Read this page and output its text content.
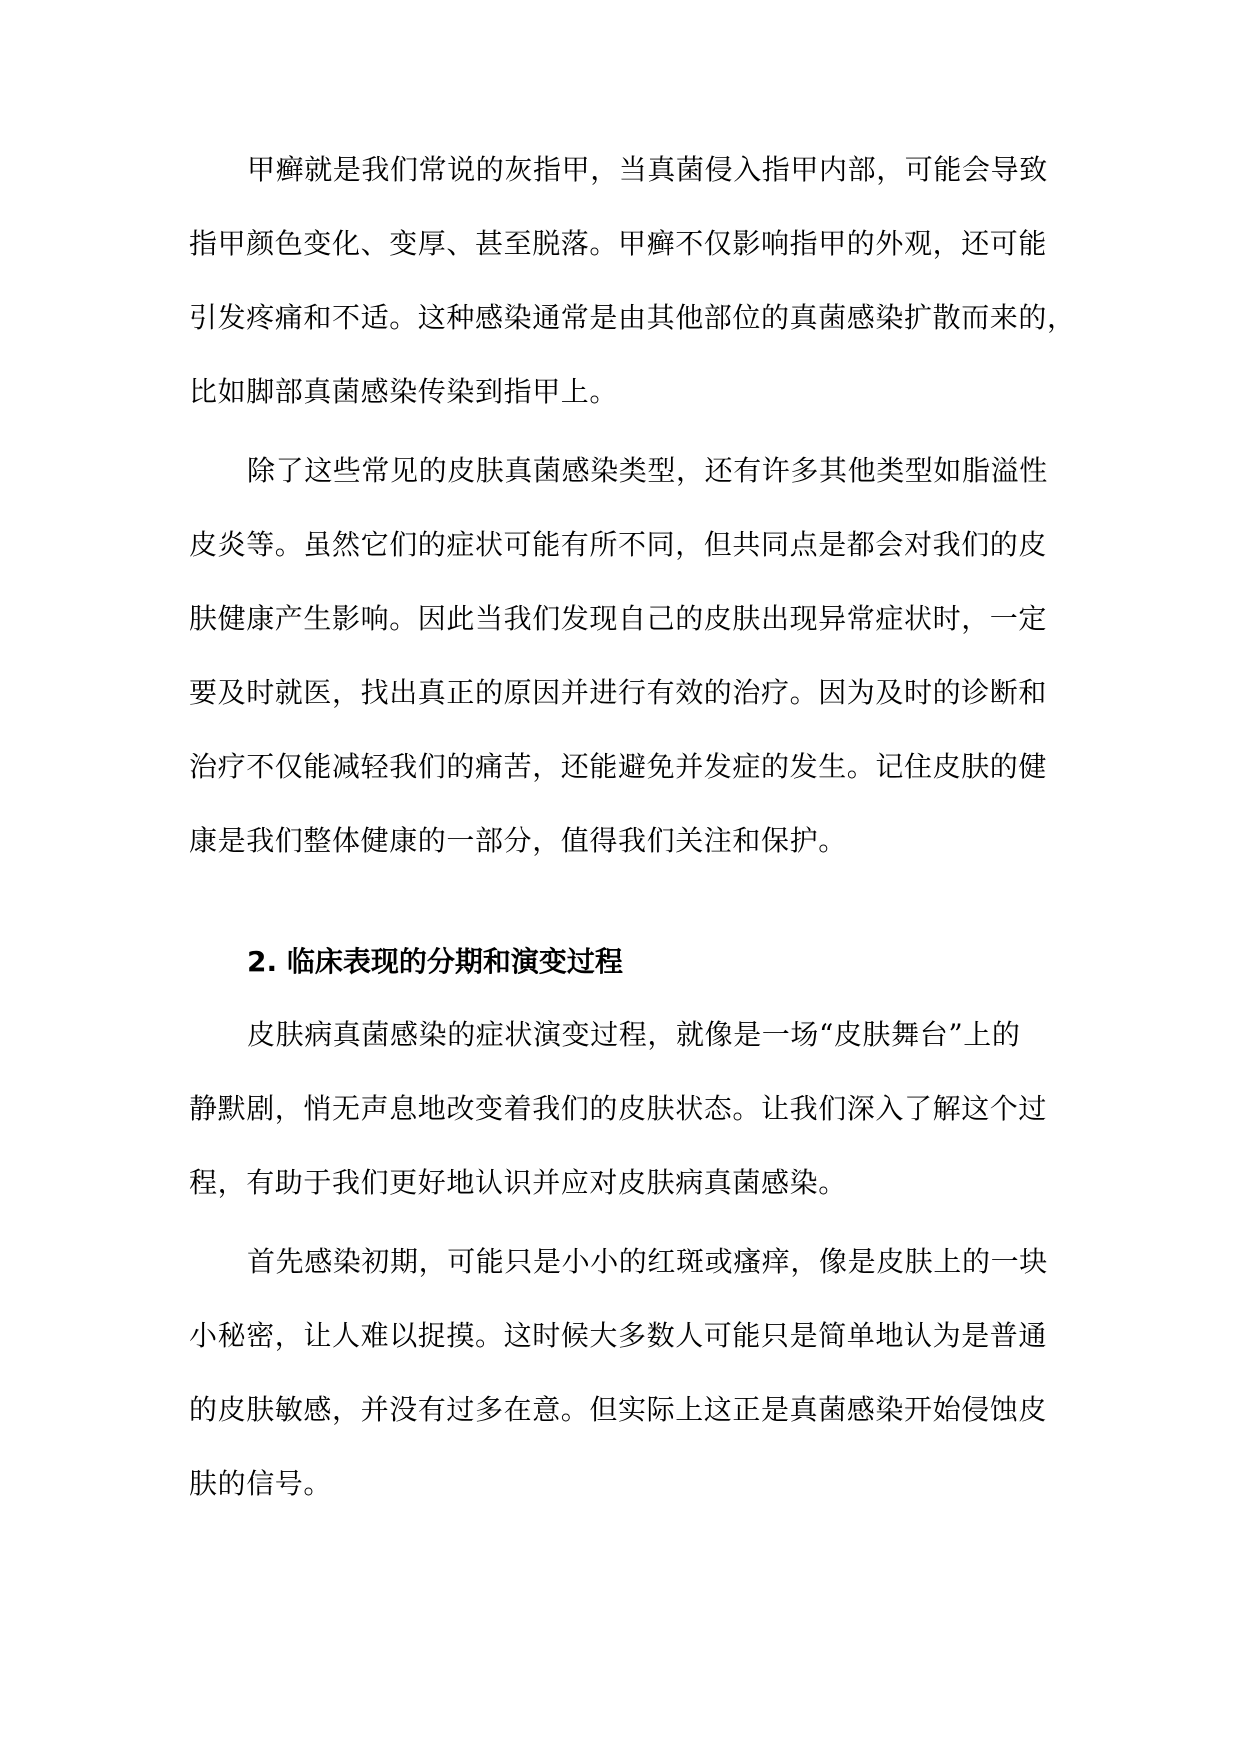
甲癣就是我们常说的灰指甲，当真菌侵入指甲内部，可能会导致

指甲颜色变化、变厚、甚至脱落。甲癣不仅影响指甲的外观，还可能

引发疼痛和不适。这种感染通常是由其他部位的真菌感染扩散而来的，

比如脚部真菌感染传染到指甲上。

除了这些常见的皮肤真菌感染类型，还有许多其他类型如脂溢性

皮炎等。虽然它们的症状可能有所不同，但共同点是都会对我们的皮

肤健康产生影响。因此当我们发现自己的皮肤出现异常症状时，一定

要及时就医，找出真正的原因并进行有效的治疗。因为及时的诊断和

治疗不仅能减轻我们的痛苦，还能避免并发症的发生。记住皮肤的健

康是我们整体健康的一部分，值得我们关注和保护。

2. 临床表现的分期和演变过程

皮肤病真菌感染的症状演变过程，就像是一场“皮肤舞台”上的

静默剧，悄无声息地改变着我们的皮肤状态。让我们深入了解这个过

程，有助于我们更好地认识并应对皮肤病真菌感染。

首先感染初期，可能只是小小的红斑或瘙痒，像是皮肤上的一块

小秘密，让人难以捉摸。这时候大多数人可能只是简单地认为是普通

的皮肤敏感，并没有过多在意。但实际上这正是真菌感染开始侵蚀皮

肤的信号。
